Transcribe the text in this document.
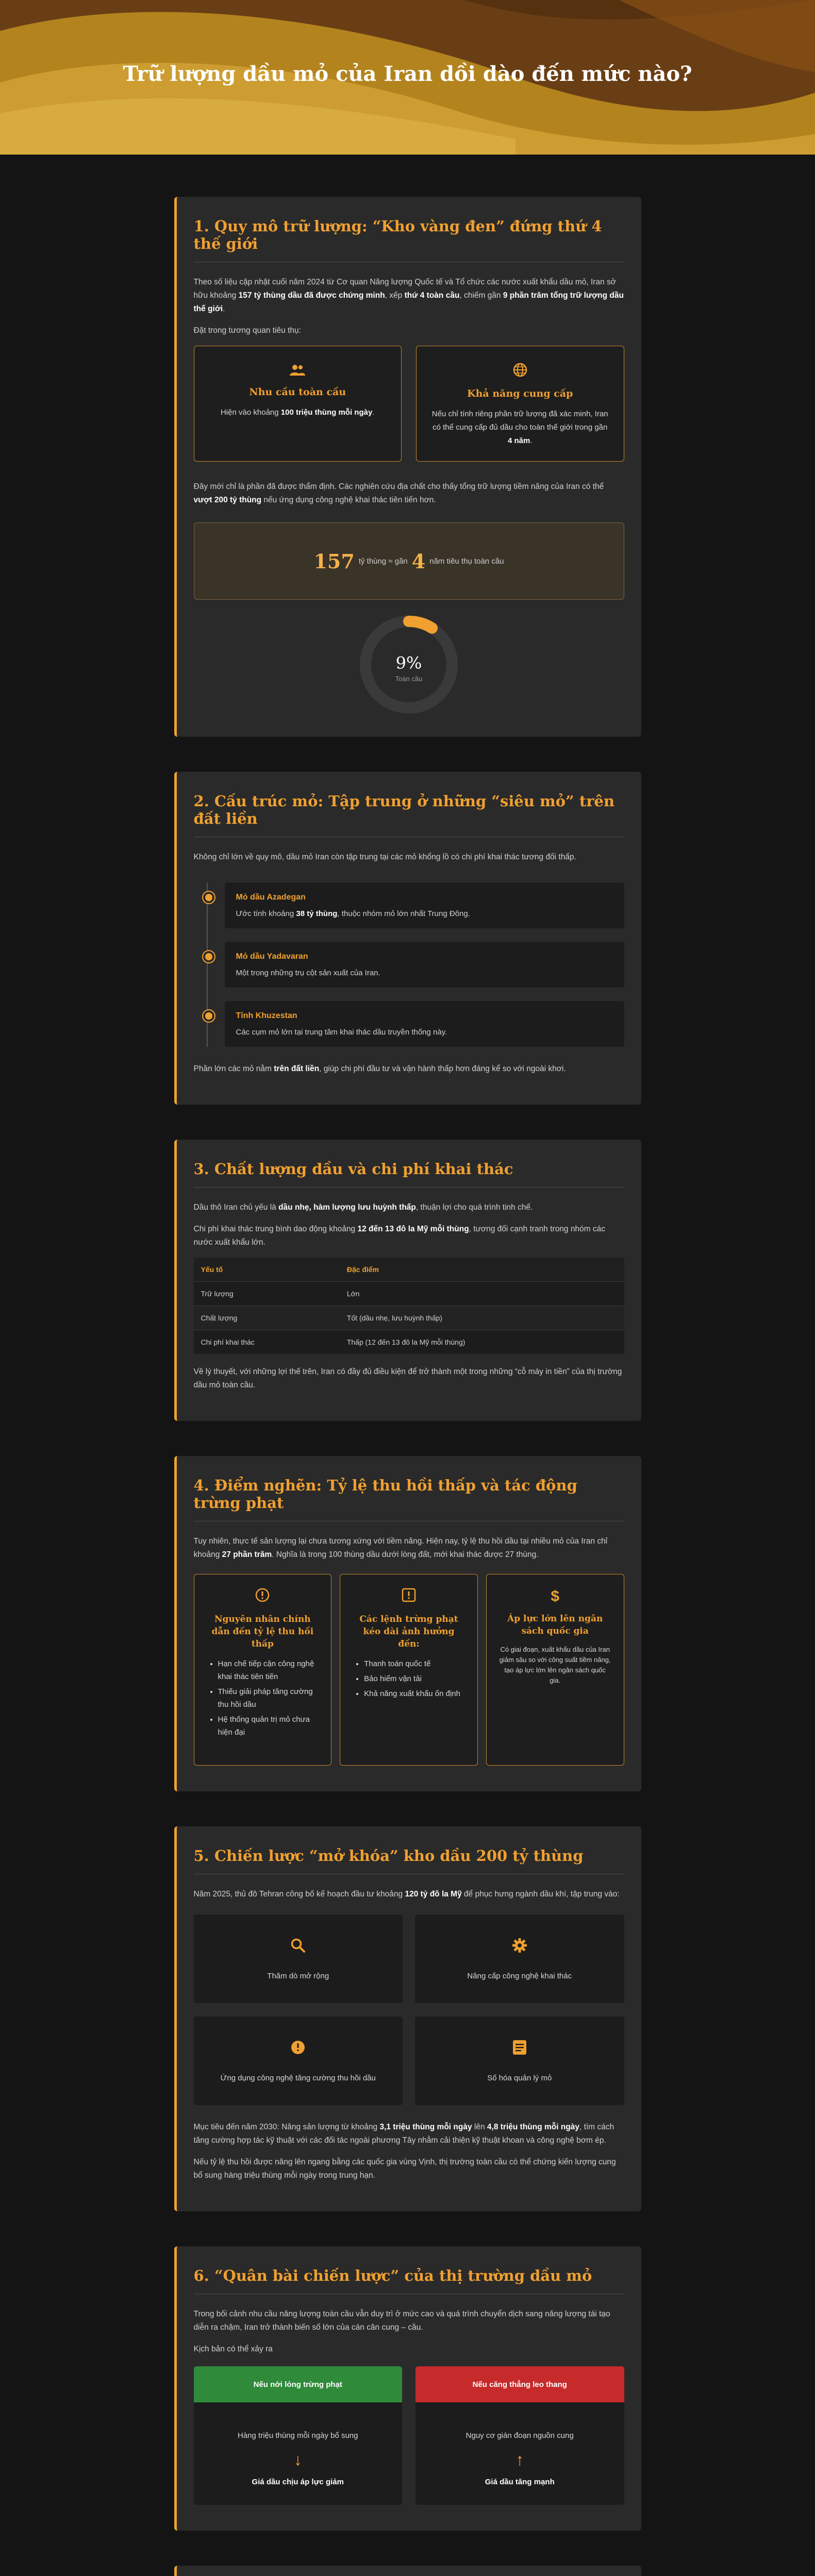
Trữ lượng dầu mỏ của Iran dồi dào đến mức nào?
1. Quy mô trữ lượng: “Kho vàng đen” đứng thứ 4 thế giới

Theo số liệu cập nhật cuối năm 2024 từ Cơ quan Năng lượng Quốc tế và Tổ chức các nước xuất khẩu dầu mỏ, Iran sở hữu khoảng 157 tỷ thùng dầu đã được chứng minh, xếp thứ 4 toàn cầu, chiếm gần 9 phần trăm tổng trữ lượng dầu thế giới.

Đặt trong tương quan tiêu thụ:

Nhu cầu toàn cầu
Hiện vào khoảng 100 triệu thùng mỗi ngày.
Khả năng cung cấp
Nếu chỉ tính riêng phần trữ lượng đã xác minh, Iran có thể cung cấp đủ dầu cho toàn thế giới trong gần 4 năm.

Đây mới chỉ là phần đã được thẩm định. Các nghiên cứu địa chất cho thấy tổng trữ lượng tiềm năng của Iran có thể vượt 200 tỷ thùng nếu ứng dụng công nghệ khai thác tiên tiến hơn.

157 tỷ thùng ≈ gần 4 năm tiêu thụ toàn cầu
9%
Toàn cầu
2. Cấu trúc mỏ: Tập trung ở những “siêu mỏ” trên đất liền

Không chỉ lớn về quy mô, dầu mỏ Iran còn tập trung tại các mỏ khổng lồ có chi phí khai thác tương đối thấp.

Mỏ dầu Azadegan
Ước tính khoảng 38 tỷ thùng, thuộc nhóm mỏ lớn nhất Trung Đông.
Mỏ dầu Yadavaran
Một trong những trụ cột sản xuất của Iran.
Tỉnh Khuzestan
Các cụm mỏ lớn tại trung tâm khai thác dầu truyền thống này.

Phần lớn các mỏ nằm trên đất liền, giúp chi phí đầu tư và vận hành thấp hơn đáng kể so với ngoài khơi.

3. Chất lượng dầu và chi phí khai thác

Dầu thô Iran chủ yếu là dầu nhẹ, hàm lượng lưu huỳnh thấp, thuận lợi cho quá trình tinh chế.

Chi phí khai thác trung bình dao động khoảng 12 đến 13 đô la Mỹ mỗi thùng, tương đối cạnh tranh trong nhóm các nước xuất khẩu lớn.

Yếu tố	Đặc điểm
Trữ lượng	Lớn
Chất lượng	Tốt (dầu nhẹ, lưu huỳnh thấp)
Chi phí khai thác	Thấp (12 đến 13 đô la Mỹ mỗi thùng)

Về lý thuyết, với những lợi thế trên, Iran có đầy đủ điều kiện để trở thành một trong những “cỗ máy in tiền” của thị trường dầu mỏ toàn cầu.

4. Điểm nghẽn: Tỷ lệ thu hồi thấp và tác động trừng phạt

Tuy nhiên, thực tế sản lượng lại chưa tương xứng với tiềm năng. Hiện nay, tỷ lệ thu hồi dầu tại nhiều mỏ của Iran chỉ khoảng 27 phần trăm. Nghĩa là trong 100 thùng dầu dưới lòng đất, mới khai thác được 27 thùng.

Nguyên nhân chính dẫn đến tỷ lệ thu hồi thấp
• Hạn chế tiếp cận công nghệ khai thác tiên tiến
• Thiếu giải pháp tăng cường thu hồi dầu
• Hệ thống quản trị mỏ chưa hiện đại
Các lệnh trừng phạt kéo dài ảnh hưởng đến:
• Thanh toán quốc tế
• Bảo hiểm vận tải
• Khả năng xuất khẩu ổn định
$
Áp lực lớn lên ngân sách quốc gia
Có giai đoạn, xuất khẩu dầu của Iran giảm sâu so với công suất tiềm năng, tạo áp lực lớn lên ngân sách quốc gia.
5. Chiến lược “mở khóa” kho dầu 200 tỷ thùng

Năm 2025, thủ đô Tehran công bố kế hoạch đầu tư khoảng 120 tỷ đô la Mỹ để phục hưng ngành dầu khí, tập trung vào:

Thăm dò mở rộng	Nâng cấp công nghệ khai thác
Ứng dụng công nghệ tăng cường thu hồi dầu	Số hóa quản lý mỏ

Mục tiêu đến năm 2030: Nâng sản lượng từ khoảng 3,1 triệu thùng mỗi ngày lên 4,8 triệu thùng mỗi ngày, tìm cách tăng cường hợp tác kỹ thuật với các đối tác ngoài phương Tây nhằm cải thiện kỹ thuật khoan và công nghệ bơm ép.

Nếu tỷ lệ thu hồi được nâng lên ngang bằng các quốc gia vùng Vịnh, thị trường toàn cầu có thể chứng kiến lượng cung bổ sung hàng triệu thùng mỗi ngày trong trung hạn.

6. “Quân bài chiến lược” của thị trường dầu mỏ

Trong bối cảnh nhu cầu năng lượng toàn cầu vẫn duy trì ở mức cao và quá trình chuyển dịch sang năng lượng tái tạo diễn ra chậm, Iran trở thành biến số lớn của cán cân cung – cầu.

Kịch bản có thể xảy ra

Nếu nới lỏng trừng phạt
Hàng triệu thùng mỗi ngày bổ sung
↓
Giá dầu chịu áp lực giảm
Nếu căng thẳng leo thang
Nguy cơ gián đoạn nguồn cung
↑
Giá dầu tăng mạnh
